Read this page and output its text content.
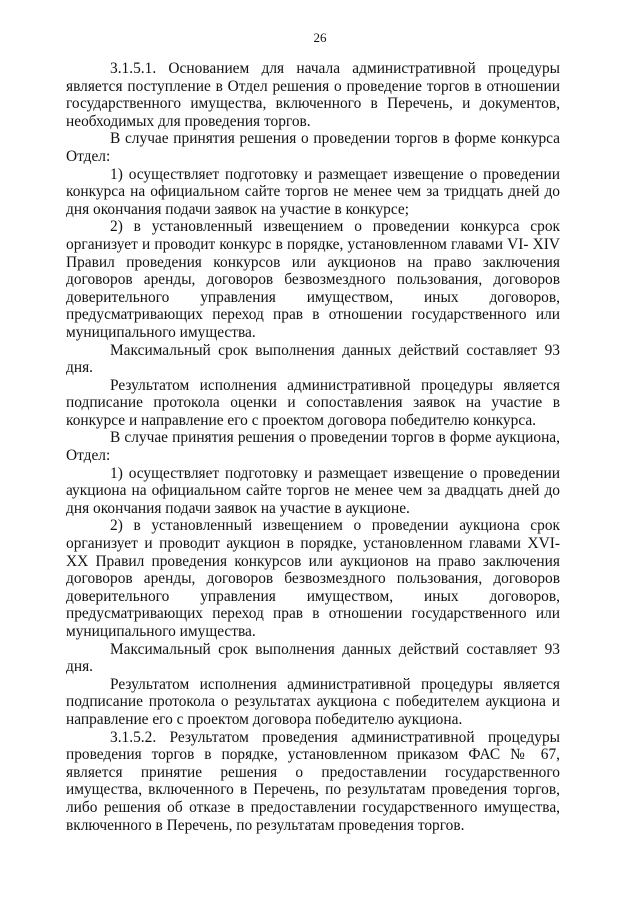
26

3.1.5.1. Основанием для начала административной процедуры является поступление в Отдел решения о проведение торгов в отношении государственного имущества, включенного в Перечень, и документов, необходимых для проведения торгов.

В случае принятия решения о проведении торгов в форме конкурса Отдел:

1) осуществляет подготовку и размещает извещение о проведении конкурса на официальном сайте торгов не менее чем за тридцать дней до дня окончания подачи заявок на участие в конкурсе;

2) в установленный извещением о проведении конкурса срок организует и проводит конкурс в порядке, установленном главами VI- XIV Правил проведения конкурсов или аукционов на право заключения договоров аренды, договоров безвозмездного пользования, договоров доверительного управления имуществом, иных договоров, предусматривающих переход прав в отношении государственного или муниципального имущества.

Максимальный срок выполнения данных действий составляет 93 дня.

Результатом исполнения административной процедуры является подписание протокола оценки и сопоставления заявок на участие в конкурсе и направление его с проектом договора победителю конкурса.

В случае принятия решения о проведении торгов в форме аукциона, Отдел:

1) осуществляет подготовку и размещает извещение о проведении аукциона на официальном сайте торгов не менее чем за двадцать дней до дня окончания подачи заявок на участие в аукционе.

2) в установленный извещением о проведении аукциона срок организует и проводит аукцион в порядке, установленном главами XVI-XX Правил проведения конкурсов или аукционов на право заключения договоров аренды, договоров безвозмездного пользования, договоров доверительного управления имуществом, иных договоров, предусматривающих переход прав в отношении государственного или муниципального имущества.

Максимальный срок выполнения данных действий составляет 93 дня.

Результатом исполнения административной процедуры является подписание протокола о результатах аукциона с победителем аукциона и направление его с проектом договора победителю аукциона.

3.1.5.2. Результатом проведения административной процедуры проведения торгов в порядке, установленном приказом ФАС № 67, является принятие решения о предоставлении государственного имущества, включенного в Перечень, по результатам проведения торгов, либо решения об отказе в предоставлении государственного имущества, включенного в Перечень, по результатам проведения торгов.
